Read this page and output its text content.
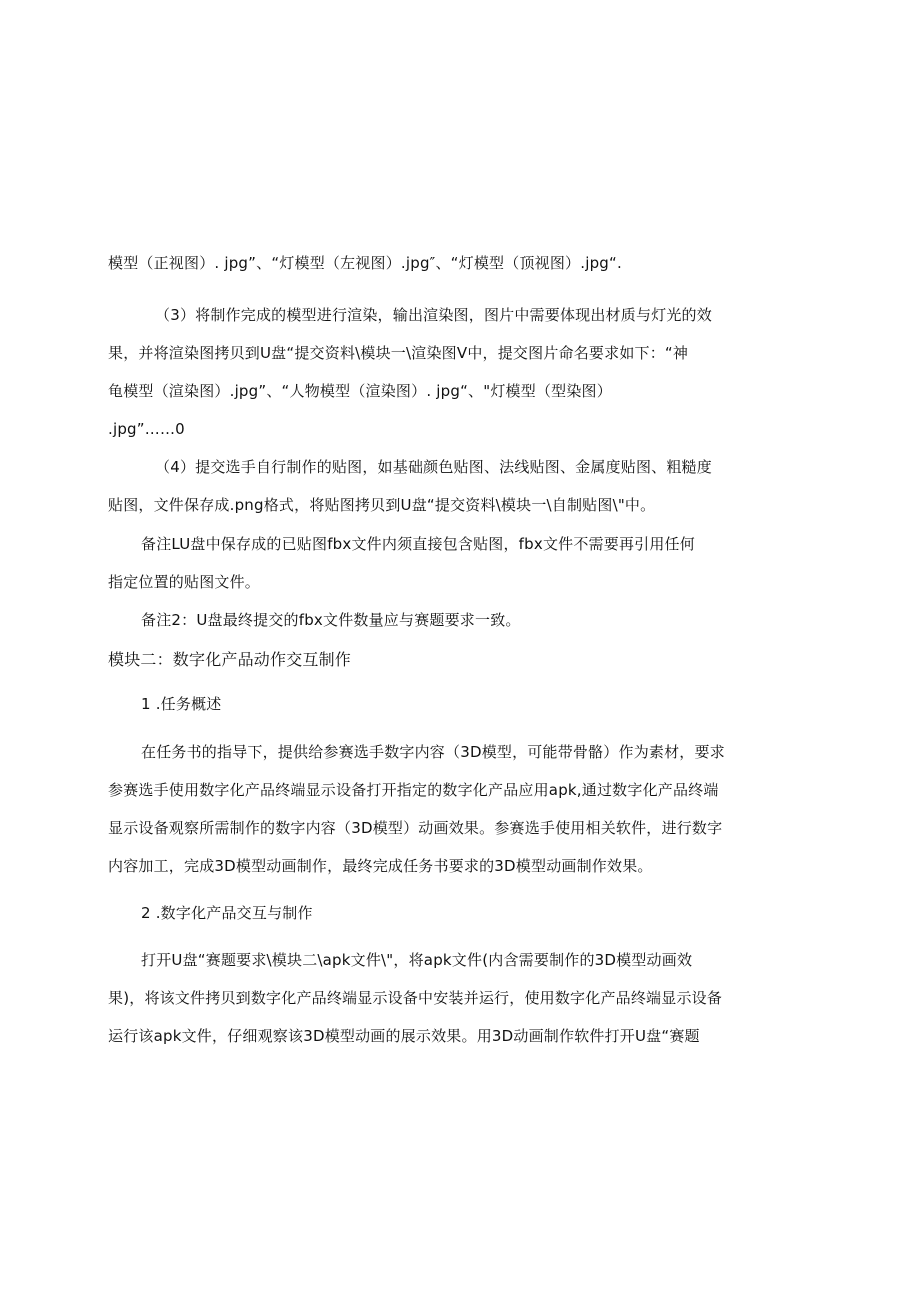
模型（正视图）. jpg”、“灯模型（左视图）.jpg″、“灯模型（顶视图）.jpg“.
（3）将制作完成的模型进行渲染，输出渲染图，图片中需要体现出材质与灯光的效
果，并将渲染图拷贝到U盘“提交资料\模块一\渲染图V中，提交图片命名要求如下：“神
龟模型（渲染图）.jpg”、“人物模型（渲染图）. jpg“、"灯模型（型染图）
.jpg”……0
（4）提交选手自行制作的贴图，如基础颜色贴图、法线贴图、金属度贴图、粗糙度
贴图，文件保存成.png格式，将贴图拷贝到U盘“提交资料\模块一\自制贴图\"中。
备注LU盘中保存成的已贴图fbx文件内须直接包含贴图，fbx文件不需要再引用任何
指定位置的贴图文件。
备注2：U盘最终提交的fbx文件数量应与赛题要求一致。
模块二：数字化产品动作交互制作
1 .任务概述
在任务书的指导下，提供给参赛选手数字内容（3D模型，可能带骨骼）作为素材，要求
参赛选手使用数字化产品终端显示设备打开指定的数字化产品应用apk,通过数字化产品终端
显示设备观察所需制作的数字内容（3D模型）动画效果。参赛选手使用相关软件，进行数字
内容加工，完成3D模型动画制作，最终完成任务书要求的3D模型动画制作效果。
2 .数字化产品交互与制作
打开U盘“赛题要求\模块二\apk文件\"，将apk文件(内含需要制作的3D模型动画效
果)，将该文件拷贝到数字化产品终端显示设备中安装并运行，使用数字化产品终端显示设备
运行该apk文件，仔细观察该3D模型动画的展示效果。用3D动画制作软件打开U盘“赛题
